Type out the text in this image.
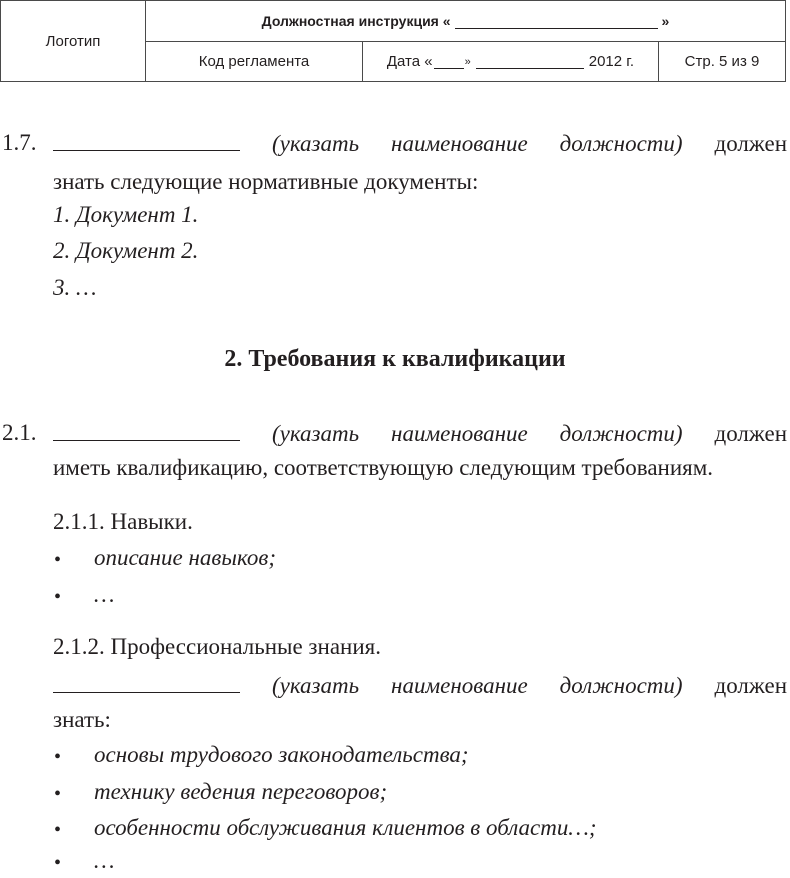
Логотип
Должностная инструкция «	»
Код регламента	Дата «	»	2012 г.	Стр. 5 из 9
1.7.	(указать наименование должности) должен
знать следующие нормативные документы:
1. Документ 1.
2. Документ 2.
3. …
2. Требования к квалификации
2.1.	(указать наименование должности) должен
иметь квалификацию, соответствующую следующим требованиям.
2.1.1. Навыки.
• описание навыков;
• …
2.1.2. Профессиональные знания.
(указать наименование должности) должен
знать:
• основы трудового законодательства;
• технику ведения переговоров;
• особенности обслуживания клиентов в области…;
• …
